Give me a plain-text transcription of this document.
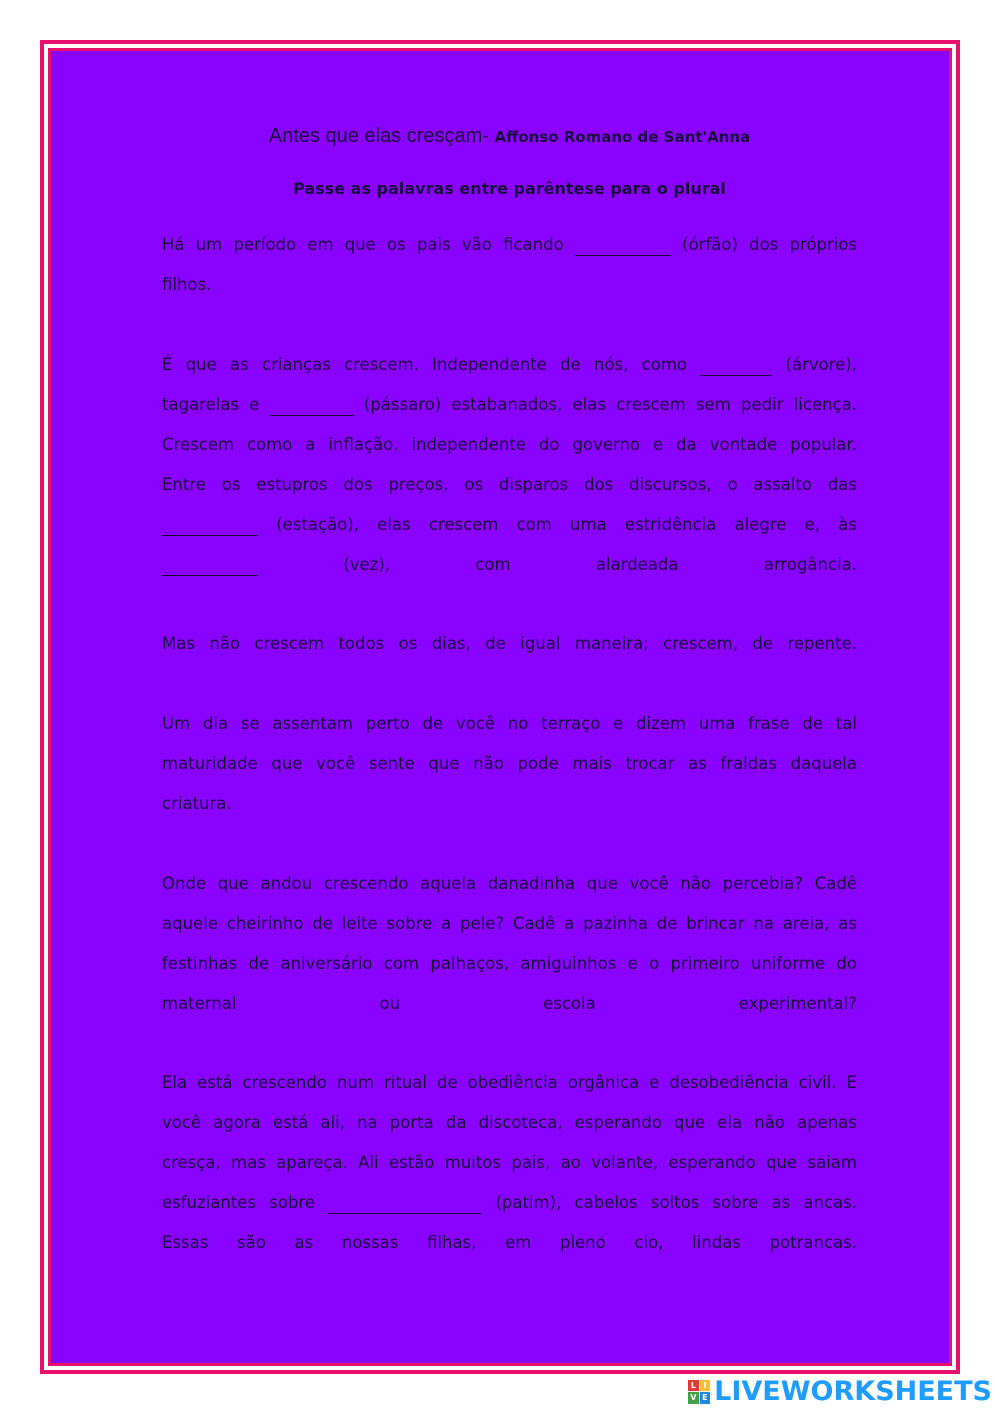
Antes que elas cresçam- Affonso Romano de Sant'Anna
Passe as palavras entre parêntese para o plural
Há um período em que os pais vão ficando	(órfão) dos próprios
filhos.
É que as crianças crescem. Independente de nós, como	(árvore),
tagarelas e	(pássaro) estabanados, elas crescem sem pedir licença.
Crescem como a inflação, independente do governo e da vontade popular.
Entre os estupros dos preços, os disparos dos discursos, o assalto das
(estação), elas crescem com uma estridência alegre e, às
(vez),	com	alardeada	arrogância.
Mas não crescem todos os dias, de igual maneira; crescem, de repente.
Um dia se assentam perto de você no terraço e dizem uma frase de tal
maturidade que você sente que não pode mais trocar as fraldas daquela
criatura.
Onde que andou crescendo aquela danadinha que você não percebia? Cadê
aquele cheirinho de leite sobre a pele? Cadê a pazinha de brincar na areia, as
festinhas de aniversário com palhaços, amiguinhos e o primeiro uniforme do
maternal	ou	escola	experimental?
Ela está crescendo num ritual de obediência orgânica e desobediência civil. E
você agora está ali, na porta da discoteca, esperando que ela não apenas
cresça, mas apareça. Ali estão muitos pais, ao volante, esperando que saiam
esfuziantes sobre	(patim), cabelos soltos sobre as ancas.
Essas são as nossas filhas, em pleno cio, lindas potrancas.
L I
V E LIVEWORKSHEETS
